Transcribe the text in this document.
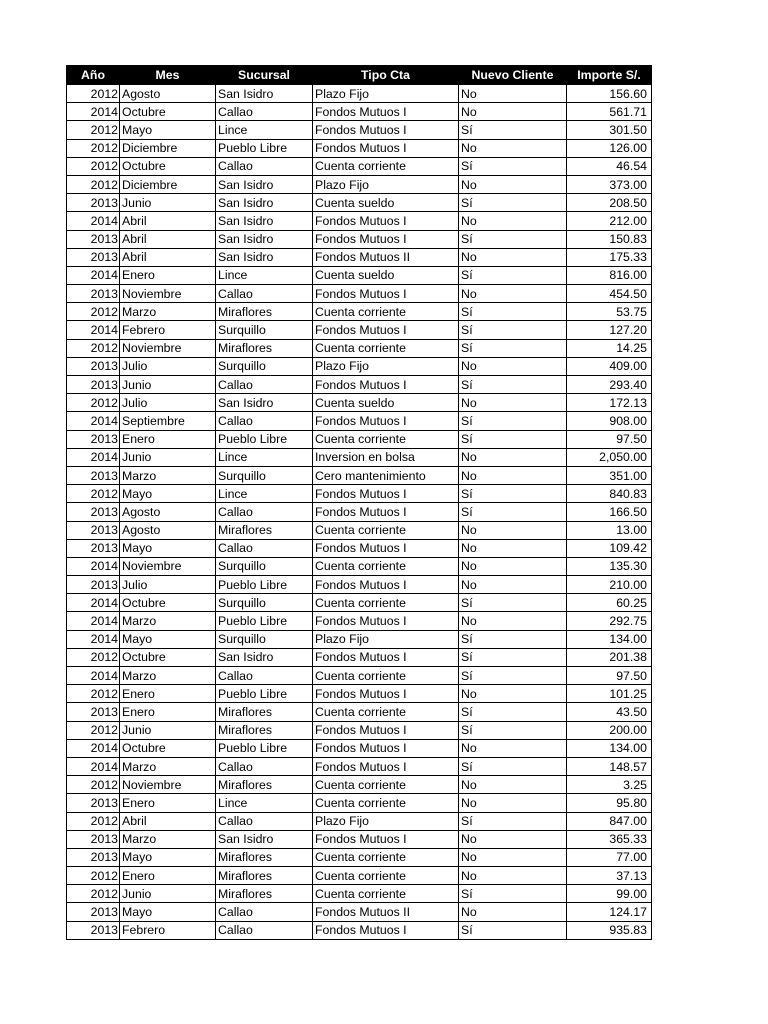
Año	Mes	Sucursal	Tipo Cta	Nuevo Cliente	Importe S/.
2012	Agosto	San Isidro	Plazo Fijo	No	156.60
2014	Octubre	Callao	Fondos Mutuos I	No	561.71
2012	Mayo	Lince	Fondos Mutuos I	Sí	301.50
2012	Diciembre	Pueblo Libre	Fondos Mutuos I	No	126.00
2012	Octubre	Callao	Cuenta corriente	Sí	46.54
2012	Diciembre	San Isidro	Plazo Fijo	No	373.00
2013	Junio	San Isidro	Cuenta sueldo	Sí	208.50
2014	Abril	San Isidro	Fondos Mutuos I	No	212.00
2013	Abril	San Isidro	Fondos Mutuos I	Sí	150.83
2013	Abril	San Isidro	Fondos Mutuos II	No	175.33
2014	Enero	Lince	Cuenta sueldo	Sí	816.00
2013	Noviembre	Callao	Fondos Mutuos I	No	454.50
2012	Marzo	Miraflores	Cuenta corriente	Sí	53.75
2014	Febrero	Surquillo	Fondos Mutuos I	Sí	127.20
2012	Noviembre	Miraflores	Cuenta corriente	Sí	14.25
2013	Julio	Surquillo	Plazo Fijo	No	409.00
2013	Junio	Callao	Fondos Mutuos I	Sí	293.40
2012	Julio	San Isidro	Cuenta sueldo	No	172.13
2014	Septiembre	Callao	Fondos Mutuos I	Sí	908.00
2013	Enero	Pueblo Libre	Cuenta corriente	Sí	97.50
2014	Junio	Lince	Inversion en bolsa	No	2,050.00
2013	Marzo	Surquillo	Cero mantenimiento	No	351.00
2012	Mayo	Lince	Fondos Mutuos I	Sí	840.83
2013	Agosto	Callao	Fondos Mutuos I	Sí	166.50
2013	Agosto	Miraflores	Cuenta corriente	No	13.00
2013	Mayo	Callao	Fondos Mutuos I	No	109.42
2014	Noviembre	Surquillo	Cuenta corriente	No	135.30
2013	Julio	Pueblo Libre	Fondos Mutuos I	No	210.00
2014	Octubre	Surquillo	Cuenta corriente	Sí	60.25
2014	Marzo	Pueblo Libre	Fondos Mutuos I	No	292.75
2014	Mayo	Surquillo	Plazo Fijo	Sí	134.00
2012	Octubre	San Isidro	Fondos Mutuos I	Sí	201.38
2014	Marzo	Callao	Cuenta corriente	Sí	97.50
2012	Enero	Pueblo Libre	Fondos Mutuos I	No	101.25
2013	Enero	Miraflores	Cuenta corriente	Sí	43.50
2012	Junio	Miraflores	Fondos Mutuos I	Sí	200.00
2014	Octubre	Pueblo Libre	Fondos Mutuos I	No	134.00
2014	Marzo	Callao	Fondos Mutuos I	Sí	148.57
2012	Noviembre	Miraflores	Cuenta corriente	No	3.25
2013	Enero	Lince	Cuenta corriente	No	95.80
2012	Abril	Callao	Plazo Fijo	Sí	847.00
2013	Marzo	San Isidro	Fondos Mutuos I	No	365.33
2013	Mayo	Miraflores	Cuenta corriente	No	77.00
2012	Enero	Miraflores	Cuenta corriente	No	37.13
2012	Junio	Miraflores	Cuenta corriente	Sí	99.00
2013	Mayo	Callao	Fondos Mutuos II	No	124.17
2013	Febrero	Callao	Fondos Mutuos I	Sí	935.83
